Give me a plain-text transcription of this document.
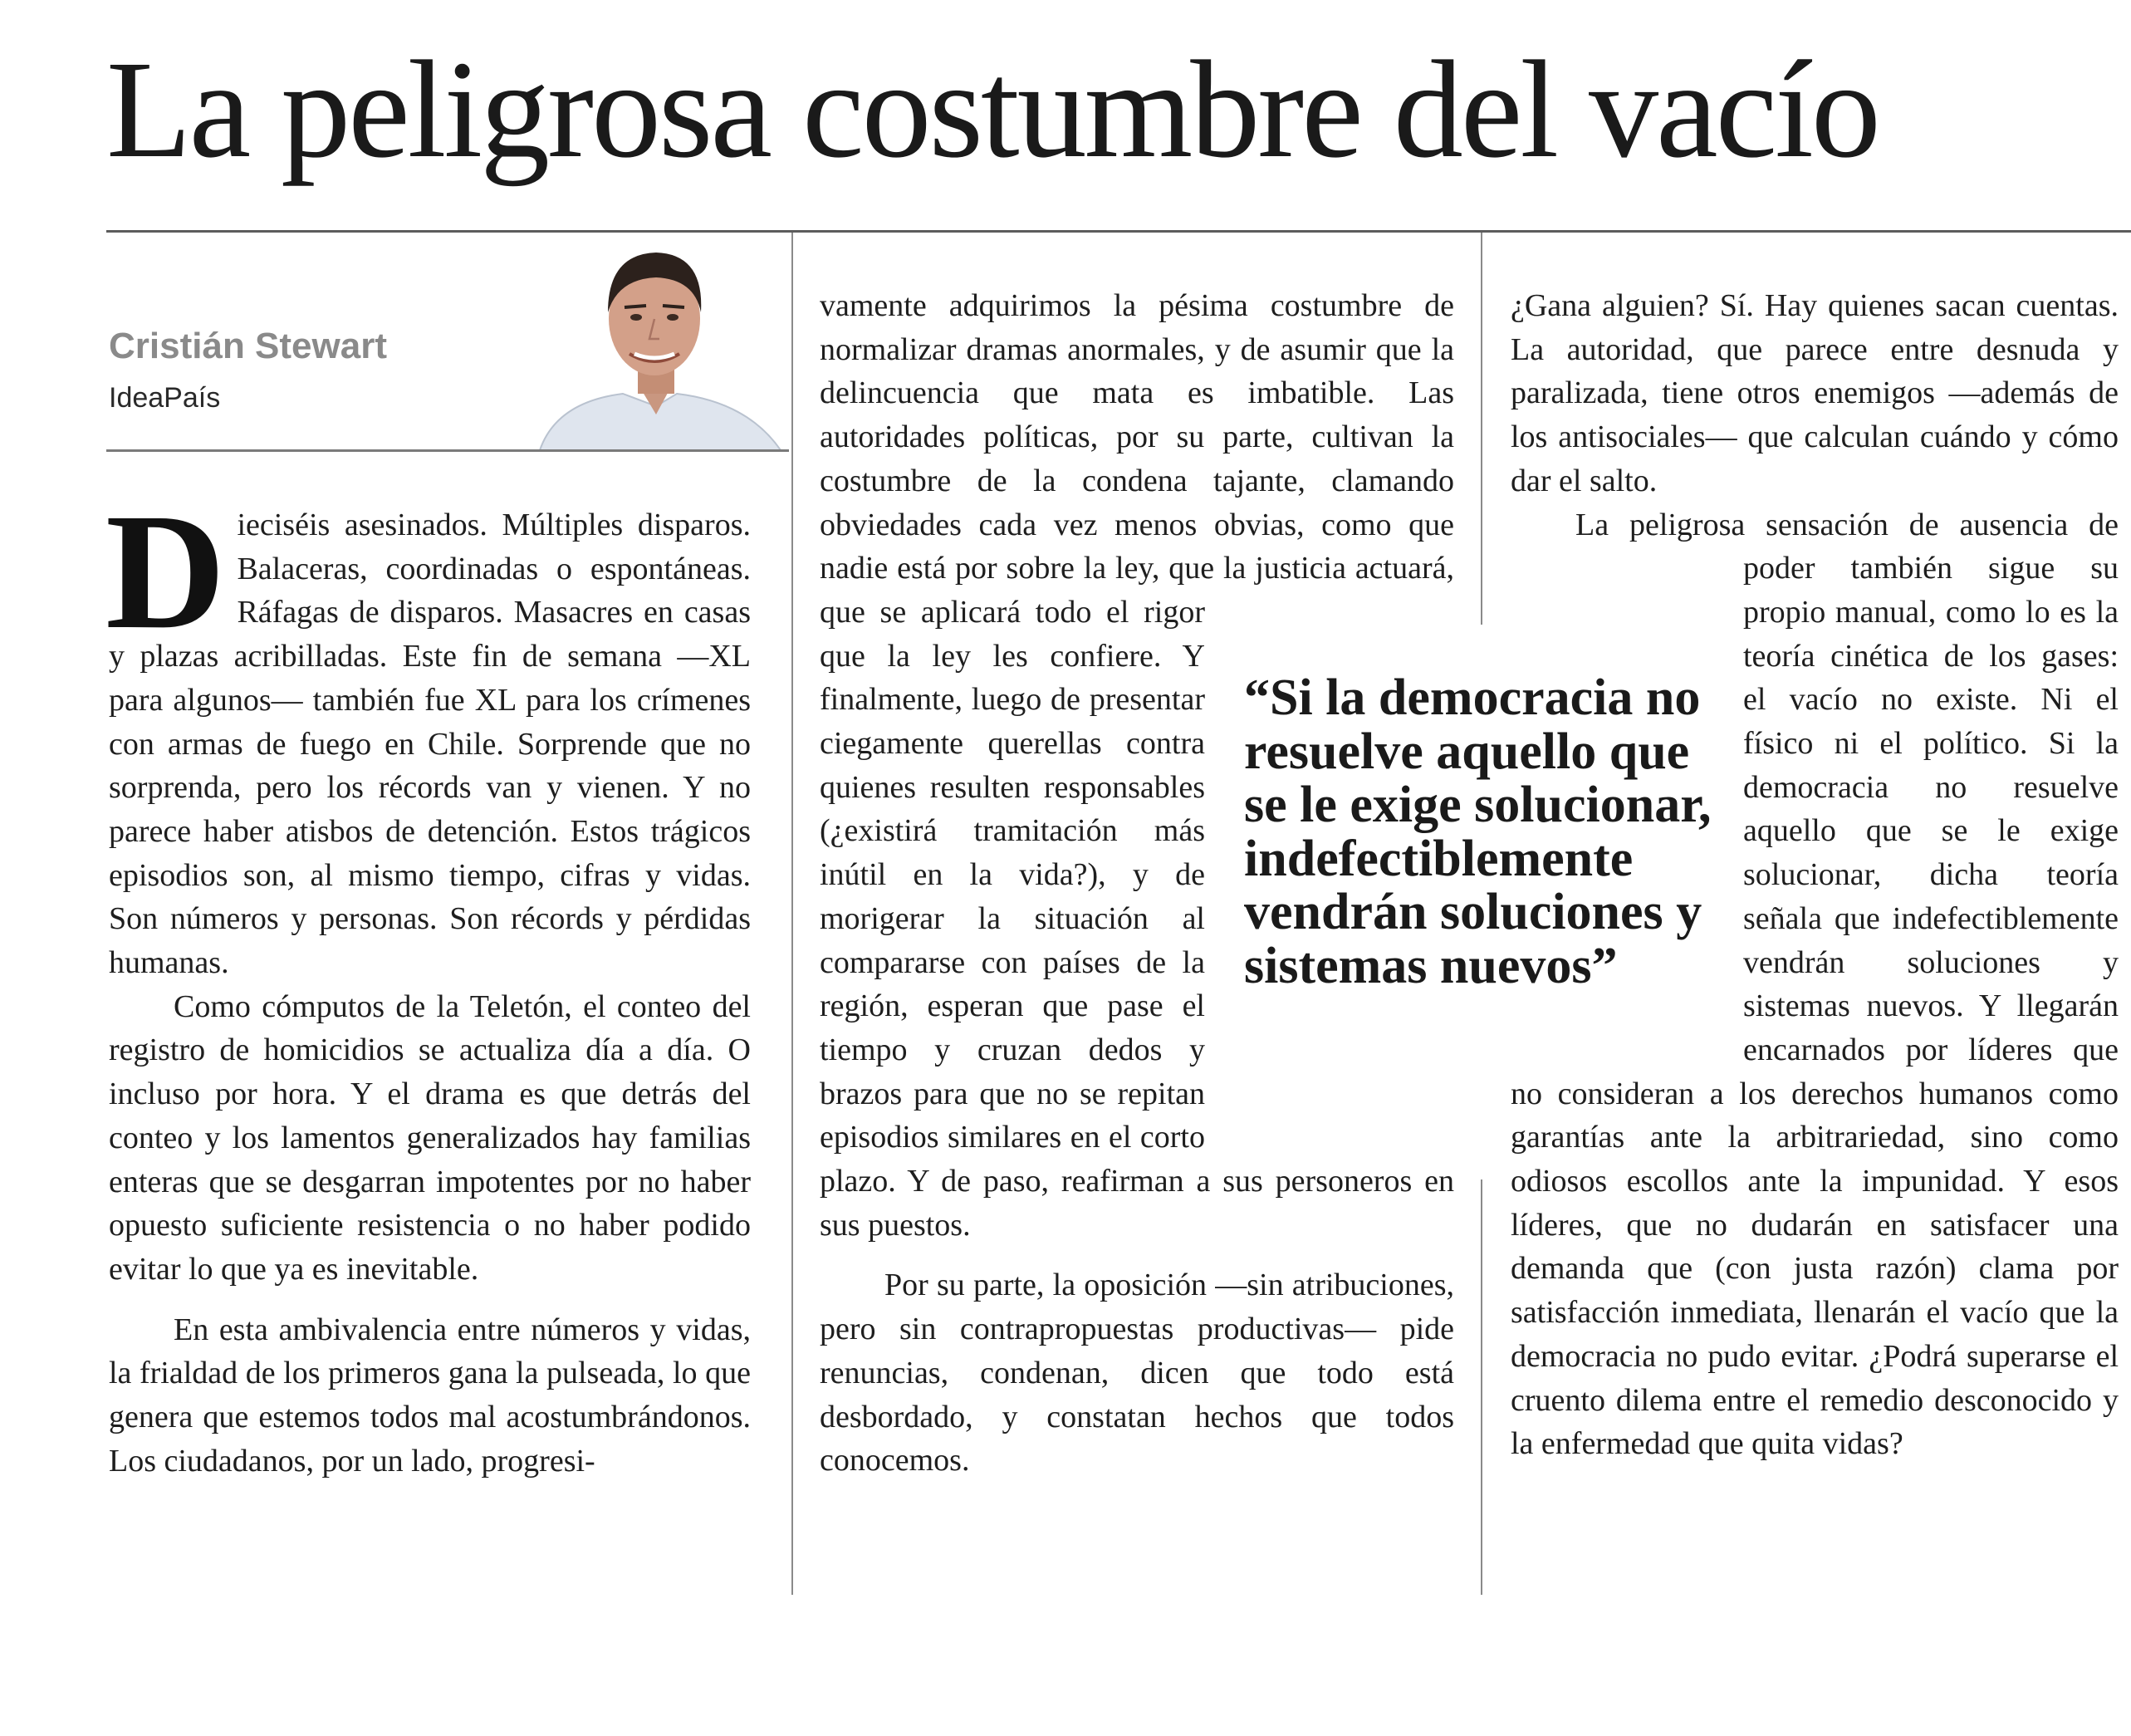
La peligrosa costumbre del vacío
Cristián Stewart
IdeaPaís

Dieciséis asesinados. Múltiples disparos. Balaceras, coordinadas o espontáneas. Ráfagas de disparos. Masacres en casas y plazas acribilladas. Este fin de semana —XL para algunos— también fue XL para los crímenes con armas de fuego en Chile. Sorprende que no sorprenda, pero los récords van y vienen. Y no parece haber atisbos de detención. Estos trágicos episodios son, al mismo tiempo, cifras y vidas. Son números y personas. Son récords y pérdidas humanas.

Como cómputos de la Teletón, el conteo del registro de homicidios se actualiza día a día. O incluso por hora. Y el drama es que detrás del conteo y los lamentos generalizados hay familias enteras que se desgarran impotentes por no haber opuesto suficiente resistencia o no haber podido evitar lo que ya es inevitable.

En esta ambivalencia entre números y vidas, la frialdad de los primeros gana la pulseada, lo que genera que estemos todos mal acostumbrándonos. Los ciudadanos, por un lado, progresi-

vamente adquirimos la pésima costumbre de normalizar dramas anormales, y de asumir que la delincuencia que mata es imbatible. Las autoridades políticas, por su parte, cultivan la costumbre de la condena tajante, clamando obviedades cada vez menos obvias, como que nadie está por sobre la ley, que la justicia actuará, que se aplicará todo el rigor que la ley les confiere. Y finalmente, luego de presentar ciegamente querellas contra quienes resulten responsables (¿existirá tramitación más inútil en la vida?), y de morigerar la situación al compararse con países de la región, esperan que pase el tiempo y cruzan dedos y brazos para que no se repitan episodios similares en el corto plazo. Y de paso, reafirman a sus personeros en sus puestos.

Por su parte, la oposición —sin atribuciones, pero sin contrapropuestas productivas— pide renuncias, condenan, dicen que todo está desbordado, y constatan hechos que todos conocemos.

¿Gana alguien? Sí. Hay quienes sacan cuentas. La autoridad, que parece entre desnuda y paralizada, tiene otros enemigos —además de los antisociales— que calculan cuándo y cómo dar el salto.

La peligrosa sensación de ausencia de poder también sigue su propio manual, como lo es la teoría cinética de los gases: el vacío no existe. Ni el físico ni el político. Si la democracia no resuelve aquello que se le exige solucionar, dicha teoría señala que indefectiblemente vendrán soluciones y sistemas nuevos. Y llegarán encarnados por líderes que no consideran a los derechos humanos como garantías ante la arbitrariedad, sino como odiosos escollos ante la impunidad. Y esos líderes, que no dudarán en satisfacer una demanda que (con justa razón) clama por satisfacción inmediata, llenarán el vacío que la democracia no pudo evitar. ¿Podrá superarse el cruento dilema entre el remedio desconocido y la enfermedad que quita vidas?

“Si la democracia no resuelve aquello que se le exige solucionar, indefectiblemente vendrán soluciones y sistemas nuevos”
